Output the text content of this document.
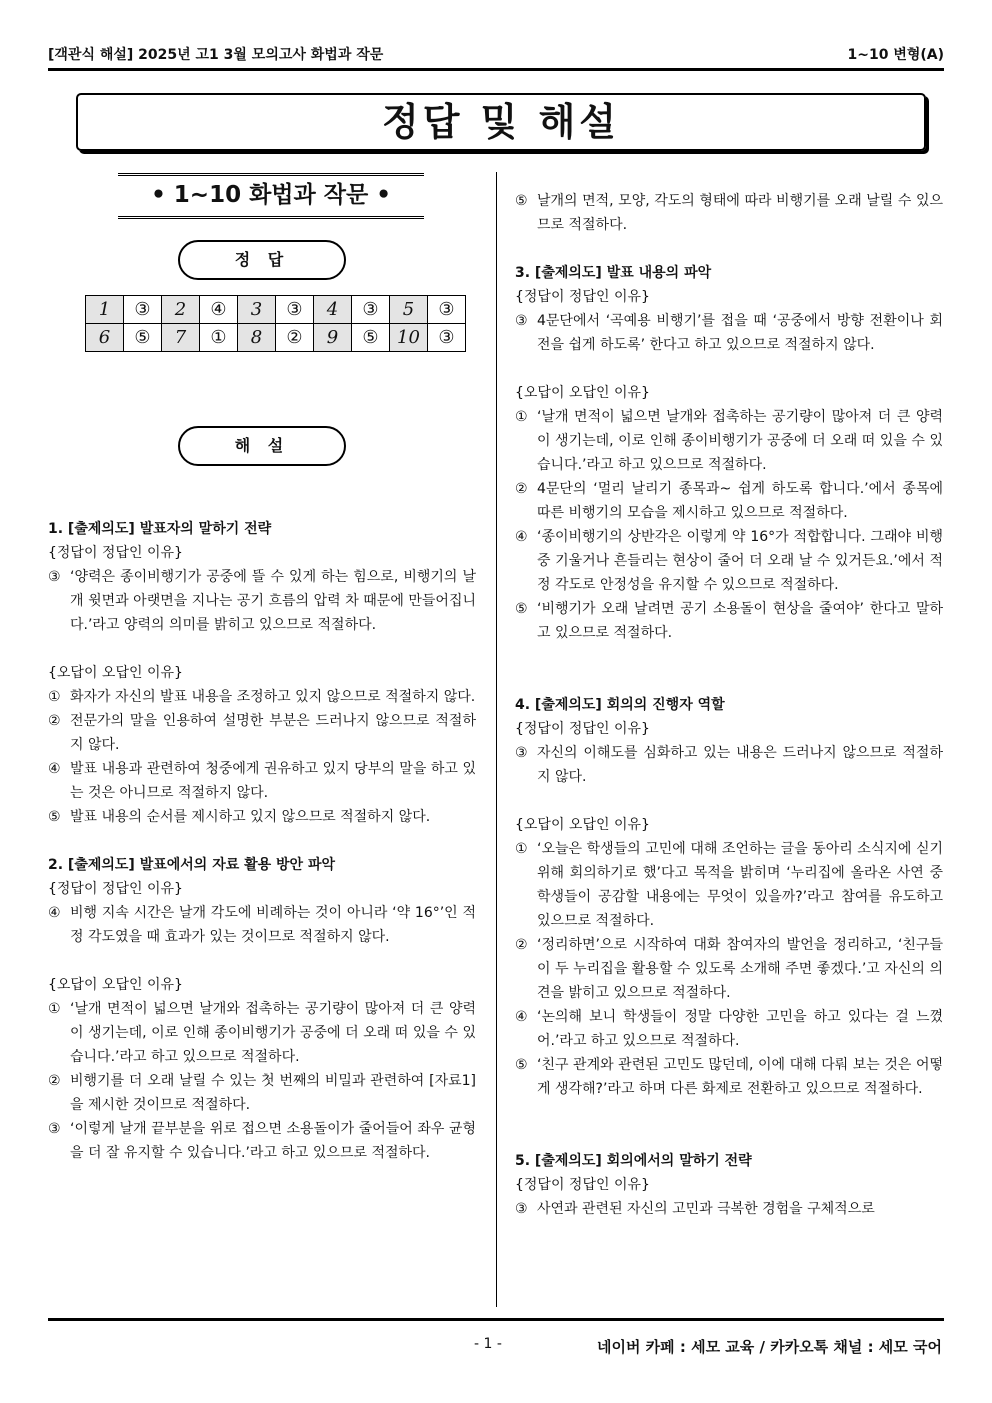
[객관식 해설] 2025년 고1 3월 모의고사 화법과 작문	1~10 변형(A)
정답 및 해설
• 1~10 화법과 작문 •
정 답
1	③	2	④	3	③	4	③	5	③
6	⑤	7	①	8	②	9	⑤	10	③
해 설

1. [출제의도] 발표자의 말하기 전략

{정답이 정답인 이유}

③ ‘양력은 종이비행기가 공중에 뜰 수 있게 하는 힘으로, 비행기의 날개 윗면과 아랫면을 지나는 공기 흐름의 압력 차 때문에 만들어집니다.’라고 양력의 의미를 밝히고 있으므로 적절하다.

{오답이 오답인 이유}

① 화자가 자신의 발표 내용을 조정하고 있지 않으므로 적절하지 않다.
② 전문가의 말을 인용하여 설명한 부분은 드러나지 않으므로 적절하지 않다.
④ 발표 내용과 관련하여 청중에게 권유하고 있지 당부의 말을 하고 있는 것은 아니므로 적절하지 않다.
⑤ 발표 내용의 순서를 제시하고 있지 않으므로 적절하지 않다.

2. [출제의도] 발표에서의 자료 활용 방안 파악

{정답이 정답인 이유}

④ 비행 지속 시간은 날개 각도에 비례하는 것이 아니라 ‘약 16°’인 적정 각도였을 때 효과가 있는 것이므로 적절하지 않다.

{오답이 오답인 이유}

① ‘날개 면적이 넓으면 날개와 접촉하는 공기량이 많아져 더 큰 양력이 생기는데, 이로 인해 종이비행기가 공중에 더 오래 떠 있을 수 있습니다.’라고 하고 있으므로 적절하다.
② 비행기를 더 오래 날릴 수 있는 첫 번째의 비밀과 관련하여 [자료1]을 제시한 것이므로 적절하다.
③ ‘이렇게 날개 끝부분을 위로 접으면 소용돌이가 줄어들어 좌우 균형을 더 잘 유지할 수 있습니다.’라고 하고 있으므로 적절하다.
⑤ 날개의 면적, 모양, 각도의 형태에 따라 비행기를 오래 날릴 수 있으므로 적절하다.

3. [출제의도] 발표 내용의 파악

{정답이 정답인 이유}

③ 4문단에서 ‘곡예용 비행기’를 접을 때 ‘공중에서 방향 전환이나 회전을 쉽게 하도록’ 한다고 하고 있으므로 적절하지 않다.

{오답이 오답인 이유}

① ‘날개 면적이 넓으면 날개와 접촉하는 공기량이 많아져 더 큰 양력이 생기는데, 이로 인해 종이비행기가 공중에 더 오래 떠 있을 수 있습니다.’라고 하고 있으므로 적절하다.
② 4문단의 ‘멀리 날리기 종목과~ 쉽게 하도록 합니다.’에서 종목에 따른 비행기의 모습을 제시하고 있으므로 적절하다.
④ ‘종이비행기의 상반각은 이렇게 약 16°가 적합합니다. 그래야 비행 중 기울거나 흔들리는 현상이 줄어 더 오래 날 수 있거든요.’에서 적정 각도로 안정성을 유지할 수 있으므로 적절하다.
⑤ ‘비행기가 오래 날려면 공기 소용돌이 현상을 줄여야’ 한다고 말하고 있으므로 적절하다.

4. [출제의도] 회의의 진행자 역할

{정답이 정답인 이유}

③ 자신의 이해도를 심화하고 있는 내용은 드러나지 않으므로 적절하지 않다.

{오답이 오답인 이유}

① ‘오늘은 학생들의 고민에 대해 조언하는 글을 동아리 소식지에 싣기 위해 회의하기로 했’다고 목적을 밝히며 ‘누리집에 올라온 사연 중 학생들이 공감할 내용에는 무엇이 있을까?’라고 참여를 유도하고 있으므로 적절하다.
② ‘정리하면’으로 시작하여 대화 참여자의 발언을 정리하고, ‘친구들이 두 누리집을 활용할 수 있도록 소개해 주면 좋겠다.’고 자신의 의견을 밝히고 있으므로 적절하다.
④ ‘논의해 보니 학생들이 정말 다양한 고민을 하고 있다는 걸 느꼈어.’라고 하고 있으므로 적절하다.
⑤ ‘친구 관계와 관련된 고민도 많던데, 이에 대해 다뤄 보는 것은 어떻게 생각해?’라고 하며 다른 화제로 전환하고 있으므로 적절하다.

5. [출제의도] 회의에서의 말하기 전략

{정답이 정답인 이유}

③ 사연과 관련된 자신의 고민과 극복한 경험을 구체적으로
- 1 -	네이버 카페 : 세모 교육 / 카카오톡 채널 : 세모 국어
